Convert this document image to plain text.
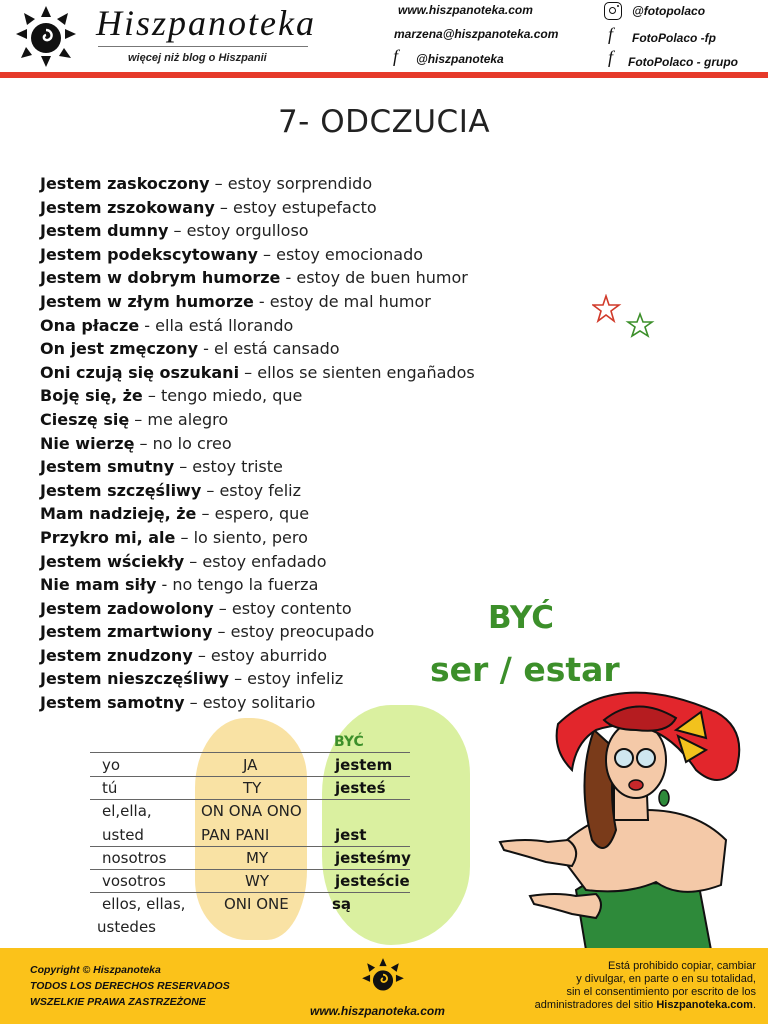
Hiszpanoteka
więcej niż blog o Hiszpanii
www.hiszpanoteka.com
marzena@hiszpanoteka.com
f @hiszpanoteka
@fotopolaco
f FotoPolaco -fp
f FotoPolaco - grupo
7- ODCZUCIA
Jestem zaskoczony – estoy sorprendido
Jestem zszokowany – estoy estupefacto
Jestem dumny – estoy orgulloso
Jestem podekscytowany – estoy emocionado
Jestem w dobrym humorze - estoy de buen humor
Jestem w złym humorze - estoy de mal humor
Ona płacze - ella está llorando
On jest zmęczony - el está cansado
Oni czują się oszukani – ellos se sienten engañados
Boję się, że – tengo miedo, que
Cieszę się – me alegro
Nie wierzę – no lo creo
Jestem smutny – estoy triste
Jestem szczęśliwy – estoy feliz
Mam nadzieję, że – espero, que
Przykro mi, ale – lo siento, pero
Jestem wściekły – estoy enfadado
Nie mam siły - no tengo la fuerza
Jestem zadowolony – estoy contento
Jestem zmartwiony – estoy preocupado
Jestem znudzony – estoy aburrido
Jestem nieszczęśliwy – estoy infeliz
Jestem samotny – estoy solitario
BYĆ
ser / estar
BYĆ
yo	JA	jestem
tú	TY	jesteś
el,ella,	ON ONA ONO
usted	PAN PANI	jest
nosotros	MY	jesteśmy
vosotros	WY	jesteście
ellos, ellas,	ONI ONE	są
ustedes
Copyright © Hiszpanoteka
TODOS LOS DERECHOS RESERVADOS
WSZELKIE PRAWA ZASTRZEŻONE
www.hiszpanoteka.com
Está prohibido copiar, cambiar
y divulgar, en parte o en su totalidad,
sin el consentimiento por escrito de los
administradores del sitio Hiszpanoteka.com.
